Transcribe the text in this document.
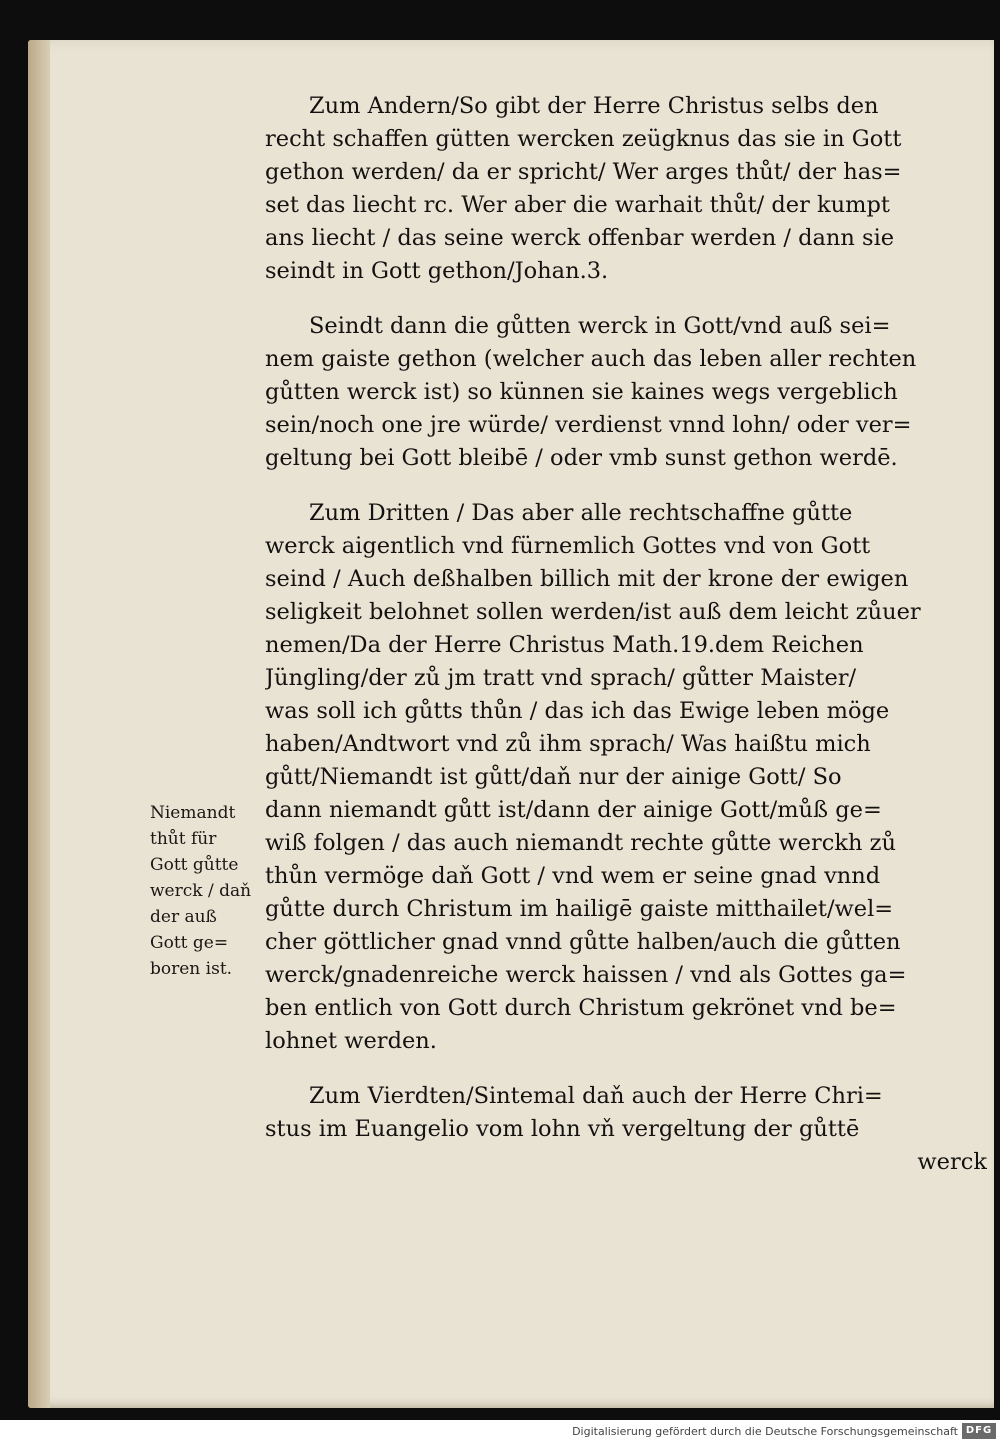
Zum Andern/So gibt der Herre Christus selbs den
recht schaffen gütten wercken zeügknus das sie in Gott
gethon werden/ da er spricht/ Wer arges thůt/ der has=
set das liecht rc. Wer aber die warhait thůt/ der kumpt
ans liecht / das seine werck offenbar werden / dann sie
seindt in Gott gethon/Johan.3.

Seindt dann die gůtten werck in Gott/vnd auß sei=
nem gaiste gethon (welcher auch das leben aller rechten
gůtten werck ist) so künnen sie kaines wegs vergeblich
sein/noch one jre würde/ verdienst vnnd lohn/ oder ver=
geltung bei Gott bleibē / oder vmb sunst gethon werdē.

Zum Dritten / Das aber alle rechtschaffne gůtte
werck aigentlich vnd fürnemlich Gottes vnd von Gott
seind / Auch deßhalben billich mit der krone der ewigen
seligkeit belohnet sollen werden/ist auß dem leicht zůuer
nemen/Da der Herre Christus Math.19.dem Reichen
Jüngling/der zů jm tratt vnd sprach/ gůtter Maister/
was soll ich gůtts thůn / das ich das Ewige leben möge
haben/Andtwort vnd zů ihm sprach/ Was haißtu mich
gůtt/Niemandt ist gůtt/daň nur der ainige Gott/ So
dann niemandt gůtt ist/dann der ainige Gott/můß ge=
wiß folgen / das auch niemandt rechte gůtte werckh zů
thůn vermöge daň Gott / vnd wem er seine gnad vnnd
gůtte durch Christum im hailigē gaiste mitthailet/wel=
cher göttlicher gnad vnnd gůtte halben/auch die gůtten
werck/gnadenreiche werck haissen / vnd als Gottes ga=
ben entlich von Gott durch Christum gekrönet vnd be=
lohnet werden.

Zum Vierdten/Sintemal daň auch der Herre Chri=
stus im Euangelio vom lohn vň vergeltung der gůttē
werck

Niemandt
thůt für
Gott gůtte
werck / daň
der auß
Gott ge=
boren ist.
Digitalisierung gefördert durch die Deutsche Forschungsgemeinschaft DFG
